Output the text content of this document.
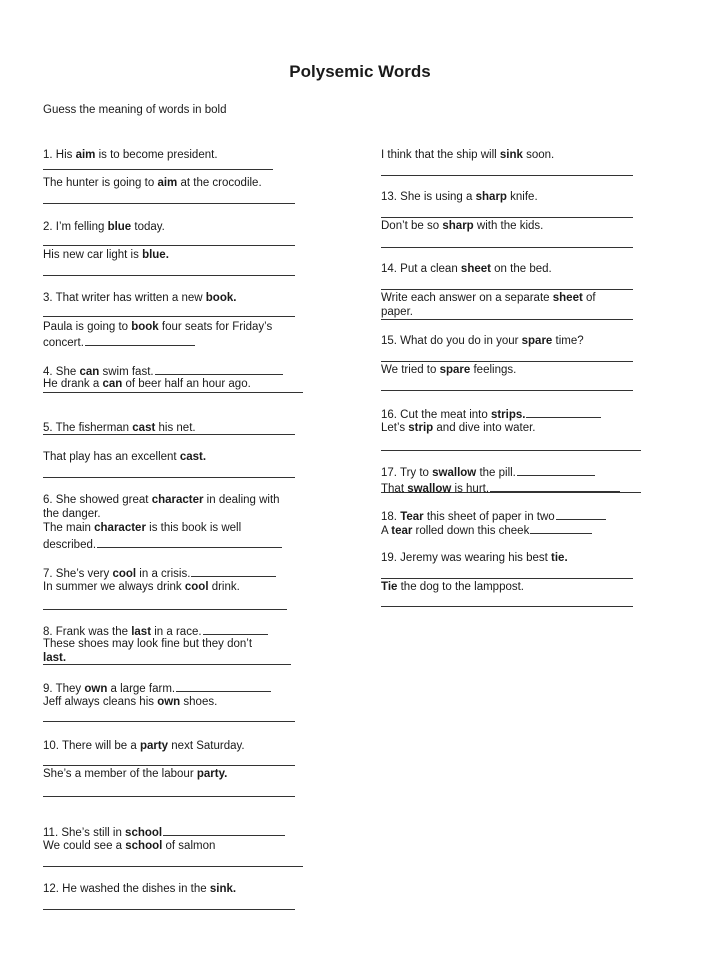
Polysemic Words

Guess the meaning of words in bold

1. His aim is to become president.
The hunter is going to aim at the crocodile.
2. I’m felling blue today.
His new car light is blue.
3. That writer has written a new book.
Paula is going to book four seats for Friday’s
concert.
4. She can swim fast.
He drank a can of beer half an hour ago.
5. The fisherman cast his net.
That play has an excellent cast.
6. She showed great character in dealing with
the danger.
The main character is this book is well
described.
7. She’s very cool in a crisis.
In summer we always drink cool drink.
8. Frank was the last in a race.
These shoes may look fine but they don’t
last.
9. They own a large farm.
Jeff always cleans his own shoes.
10. There will be a party next Saturday.
She’s a member of the labour party.
11. She’s still in school
We could see a school of salmon
12. He washed the dishes in the sink.
I think that the ship will sink soon.
13. She is using a sharp knife.
Don’t be so sharp with the kids.
14. Put a clean sheet on the bed.
Write each answer on a separate sheet of
paper.
15. What do you do in your spare time?
We tried to spare feelings.
16. Cut the meat into strips.
Let’s strip and dive into water.
17. Try to swallow the pill.
That swallow is hurt.
18. Tear this sheet of paper in two
A tear rolled down this cheek
19. Jeremy was wearing his best tie.
Tie the dog to the lamppost.
